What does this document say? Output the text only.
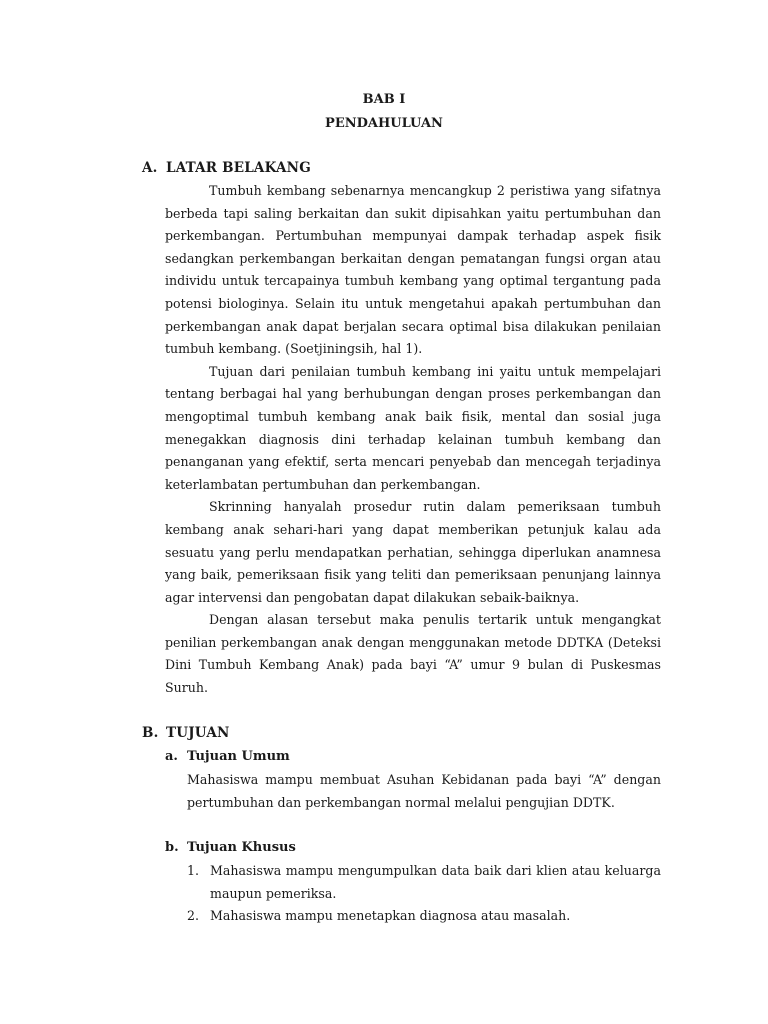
BAB I
PENDAHULUAN
A. LATAR BELAKANG

Tumbuh kembang sebenarnya mencangkup 2 peristiwa yang sifatnya berbeda tapi saling berkaitan dan sukit dipisahkan yaitu pertumbuhan dan perkembangan. Pertumbuhan mempunyai dampak terhadap aspek fisik sedangkan perkembangan berkaitan dengan pematangan fungsi organ atau individu untuk tercapainya tumbuh kembang yang optimal tergantung pada potensi biologinya. Selain itu untuk mengetahui apakah pertumbuhan dan perkembangan anak dapat berjalan secara optimal bisa dilakukan penilaian tumbuh kembang. (Soetjiningsih, hal 1).

Tujuan dari penilaian tumbuh kembang ini yaitu untuk mempelajari tentang berbagai hal yang berhubungan dengan proses perkembangan dan mengoptimal tumbuh kembang anak baik fisik, mental dan sosial juga menegakkan diagnosis dini terhadap kelainan tumbuh kembang dan penanganan yang efektif, serta mencari penyebab dan mencegah terjadinya keterlambatan pertumbuhan dan perkembangan.

Skrinning hanyalah prosedur rutin dalam pemeriksaan tumbuh kembang anak sehari-hari yang dapat memberikan petunjuk kalau ada sesuatu yang perlu mendapatkan perhatian, sehingga diperlukan anamnesa yang baik, pemeriksaan fisik yang teliti dan pemeriksaan penunjang lainnya agar intervensi dan pengobatan dapat dilakukan sebaik-baiknya.

Dengan alasan tersebut maka penulis tertarik untuk mengangkat penilian perkembangan anak dengan menggunakan metode DDTKA (Deteksi Dini Tumbuh Kembang Anak) pada bayi “A” umur 9 bulan di Puskesmas Suruh.

B. TUJUAN
a. Tujuan Umum

Mahasiswa mampu membuat Asuhan Kebidanan pada bayi “A” dengan pertumbuhan dan perkembangan normal melalui pengujian DDTK.

b. Tujuan Khusus
1. Mahasiswa mampu mengumpulkan data baik dari klien atau keluarga maupun pemeriksa.
2. Mahasiswa mampu menetapkan diagnosa atau masalah.
